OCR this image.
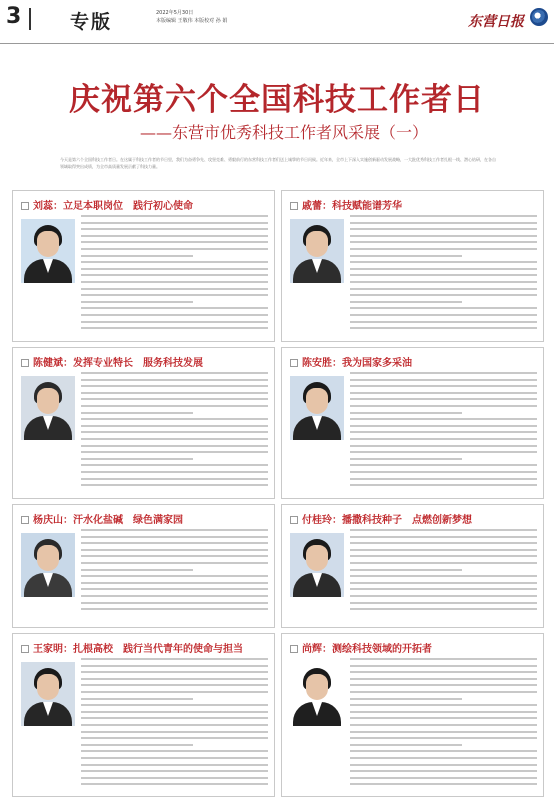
3	专版	2022年5月30日
本版编辑 王敬伟 本版校对 孙 娟	东营日报
庆祝第六个全国科技工作者日
——东营市优秀科技工作者风采展（一）
今天是第六个全国科技工作者日。在这属于科技工作者的节日里，我们为奋勇争先、攻坚克难、勇毅前行的东营科技工作者们送上诚挚的节日问候。近年来，全市上下深入实施创新驱动发展战略，一大批优秀科技工作者扎根一线、潜心钻研，在各自领域取得突出成绩，为全市高质量发展贡献了科技力量。
刘蕊：立足本职岗位　践行初心使命	戚蕾：科技赋能谱芳华
陈健斌：发挥专业特长　服务科技发展	陈安胜：我为国家多采油
杨庆山：汗水化盐碱　绿色满家园	付桂玲：播撒科技种子　点燃创新梦想
王家明：扎根高校　践行当代青年的使命与担当	尚辉：测绘科技领域的开拓者
